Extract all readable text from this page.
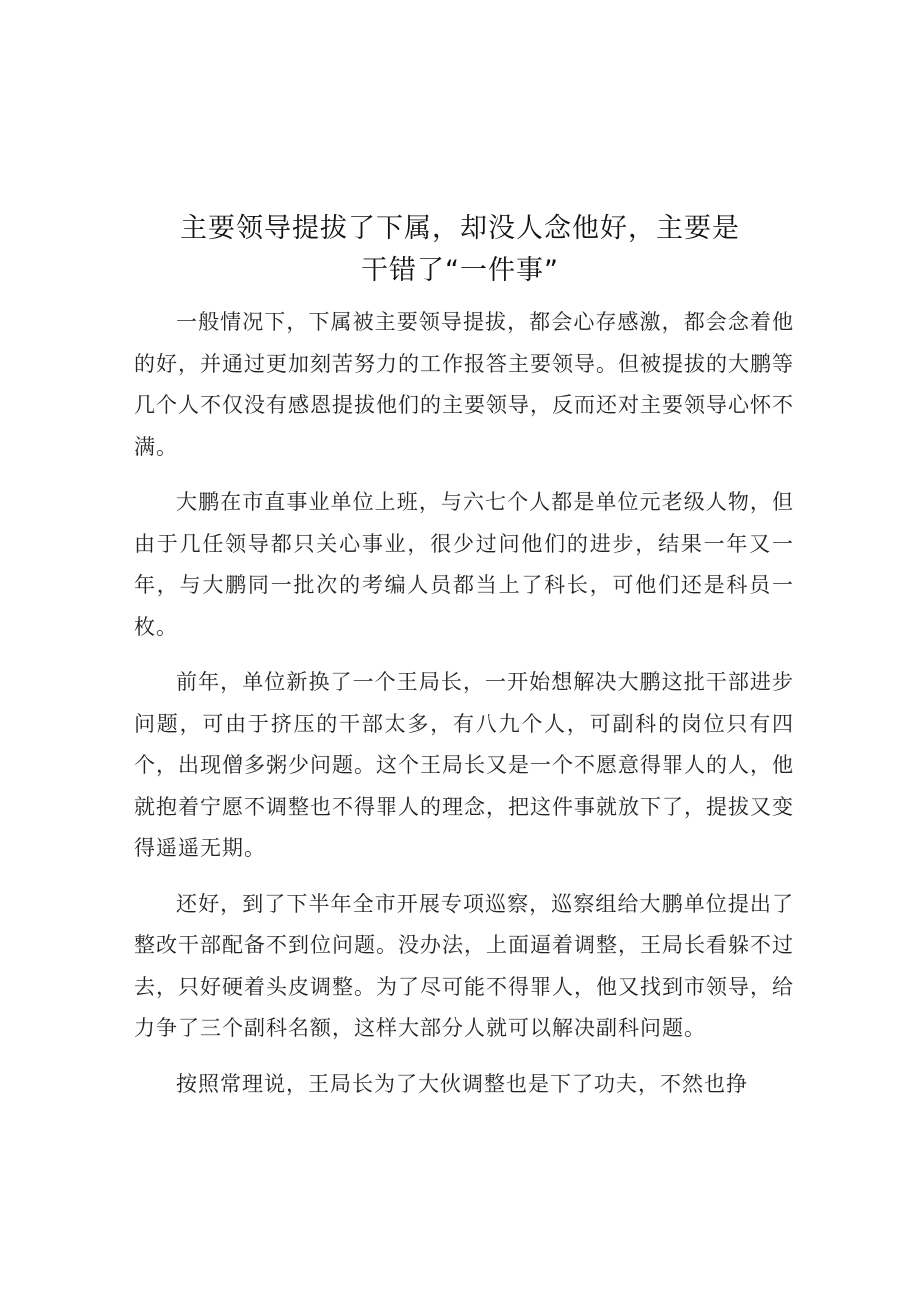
主要领导提拔了下属，却没人念他好，主要是
干错了“一件事”

一般情况下，下属被主要领导提拔，都会心存感激，都会念着他的好，并通过更加刻苦努力的工作报答主要领导。但被提拔的大鹏等几个人不仅没有感恩提拔他们的主要领导，反而还对主要领导心怀不满。

大鹏在市直事业单位上班，与六七个人都是单位元老级人物，但由于几任领导都只关心事业，很少过问他们的进步，结果一年又一年，与大鹏同一批次的考编人员都当上了科长，可他们还是科员一枚。

前年，单位新换了一个王局长，一开始想解决大鹏这批干部进步问题，可由于挤压的干部太多，有八九个人，可副科的岗位只有四个，出现僧多粥少问题。这个王局长又是一个不愿意得罪人的人，他就抱着宁愿不调整也不得罪人的理念，把这件事就放下了，提拔又变得遥遥无期。

还好，到了下半年全市开展专项巡察，巡察组给大鹏单位提出了整改干部配备不到位问题。没办法，上面逼着调整，王局长看躲不过去，只好硬着头皮调整。为了尽可能不得罪人，他又找到市领导，给力争了三个副科名额，这样大部分人就可以解决副科问题。

按照常理说，王局长为了大伙调整也是下了功夫，不然也挣
